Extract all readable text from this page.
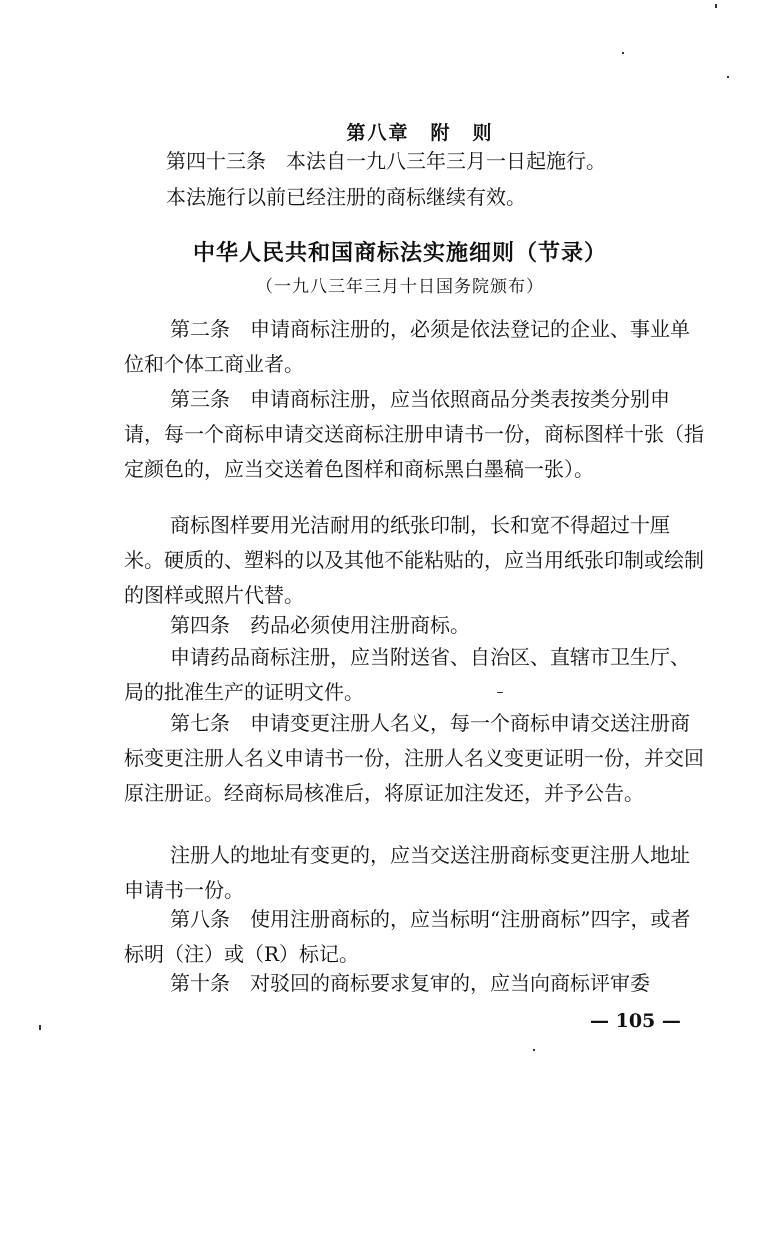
第八章　附　则
第四十三条　本法自一九八三年三月一日起施行。
本法施行以前已经注册的商标继续有效。
中华人民共和国商标法实施细则（节录）
（一九八三年三月十日国务院颁布）
第二条　申请商标注册的，必须是依法登记的企业、事业单位和个体工商业者。
第三条　申请商标注册，应当依照商品分类表按类分别申请，每一个商标申请交送商标注册申请书一份，商标图样十张（指定颜色的，应当交送着色图样和商标黑白墨稿一张）。
商标图样要用光洁耐用的纸张印制，长和宽不得超过十厘米。硬质的、塑料的以及其他不能粘贴的，应当用纸张印制或绘制的图样或照片代替。
第四条　药品必须使用注册商标。
申请药品商标注册，应当附送省、自治区、直辖市卫生厅、局的批准生产的证明文件。
第七条　申请变更注册人名义，每一个商标申请交送注册商标变更注册人名义申请书一份，注册人名义变更证明一份，并交回原注册证。经商标局核准后，将原证加注发还，并予公告。
注册人的地址有变更的，应当交送注册商标变更注册人地址申请书一份。
第八条　使用注册商标的，应当标明“注册商标”四字，或者标明（注）或（R）标记。
第十条　对驳回的商标要求复审的，应当向商标评审委
— 105 —
